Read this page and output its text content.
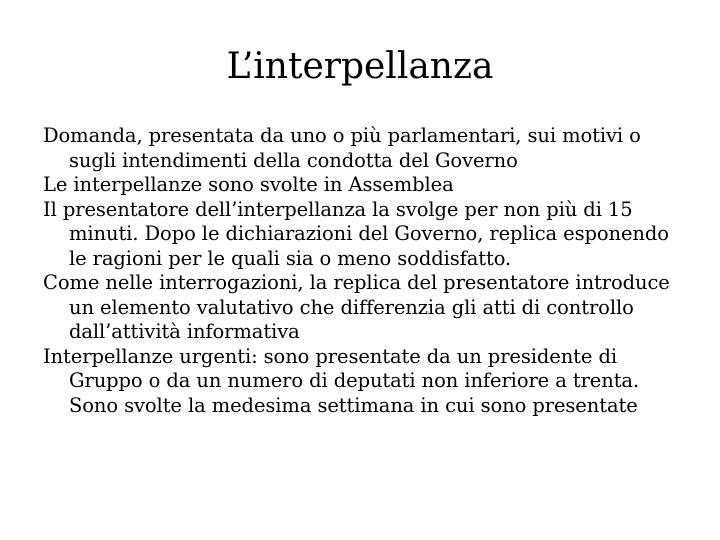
L’interpellanza
Domanda, presentata da uno o più parlamentari, sui motivi o sugli intendimenti della condotta del Governo
Le interpellanze sono svolte in Assemblea
Il presentatore dell’interpellanza la svolge per non più di 15 minuti. Dopo le dichiarazioni del Governo, replica esponendo le ragioni per le quali sia o meno soddisfatto.
Come nelle interrogazioni, la replica del presentatore introduce un elemento valutativo che differenzia gli atti di controllo dall’attività informativa
Interpellanze urgenti: sono presentate da un presidente di Gruppo o da un numero di deputati non inferiore a trenta. Sono svolte la medesima settimana in cui sono presentate
